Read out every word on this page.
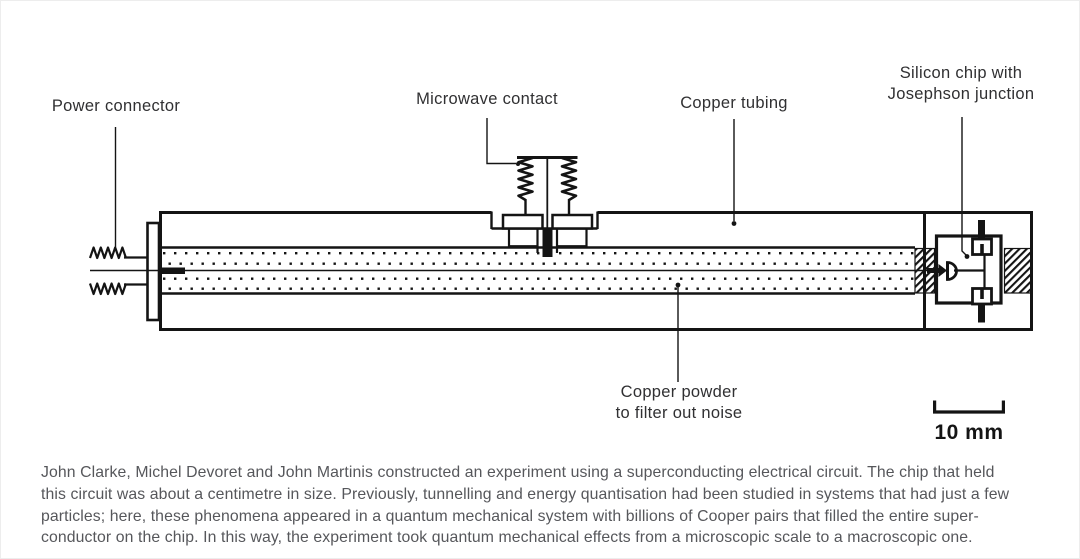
Power connector	Microwave contact	Copper tubing
Silicon chip with
Josephson junction
Copper powder
to filter out noise
10 mm
John Clarke, Michel Devoret and John Martinis constructed an experiment using a superconducting electrical circuit. The chip that held
this circuit was about a centimetre in size. Previously, tunnelling and energy quantisation had been studied in systems that had just a few
particles; here, these phenomena appeared in a quantum mechanical system with billions of Cooper pairs that filled the entire super-
conductor on the chip. In this way, the experiment took quantum mechanical effects from a microscopic scale to a macroscopic one.
